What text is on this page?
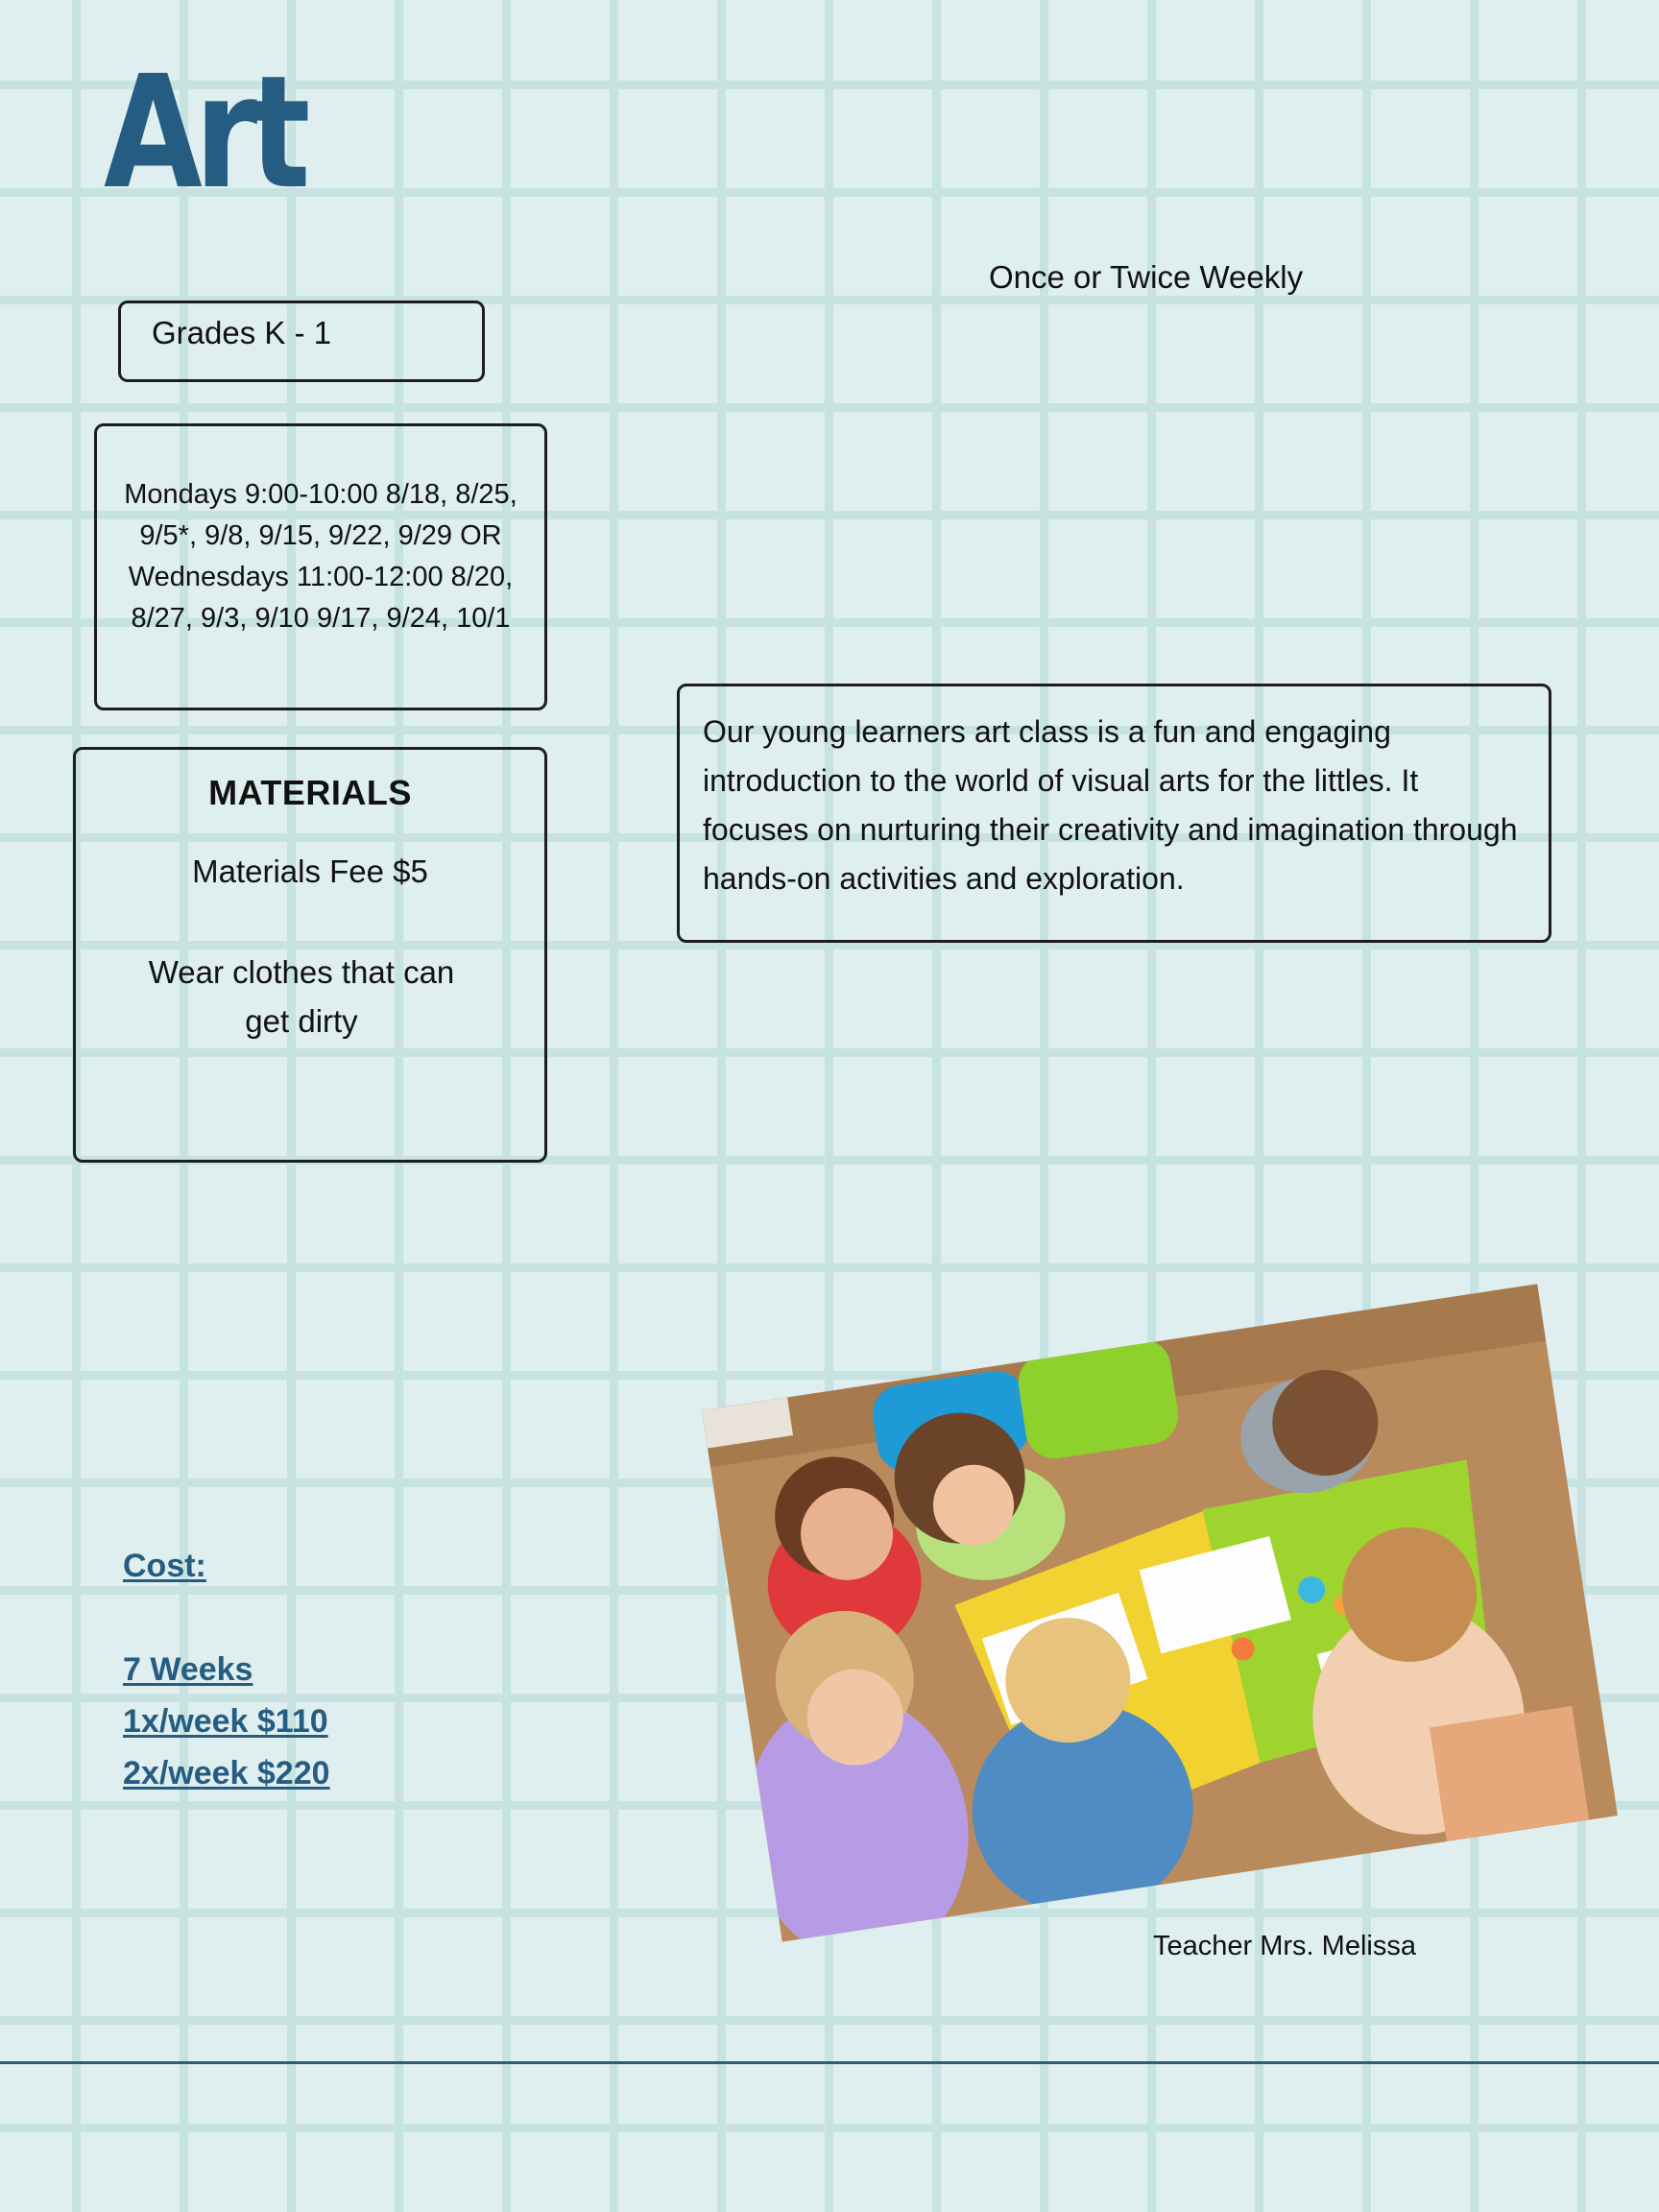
Art
Once or Twice Weekly
Grades K - 1
Mondays 9:00-10:00 8/18, 8/25,
9/5*, 9/8, 9/15, 9/22, 9/29 OR
Wednesdays 11:00-12:00 8/20,
8/27, 9/3, 9/10 9/17, 9/24, 10/1
MATERIALS
Materials Fee $5
Wear clothes that can get dirty
Our young learners art class is a fun and engaging introduction to the world of visual arts for the littles. It focuses on nurturing their creativity and imagination through hands-on activities and exploration.
Cost:
7 Weeks
1x/week $110
2x/week $220
Teacher Mrs. Melissa
